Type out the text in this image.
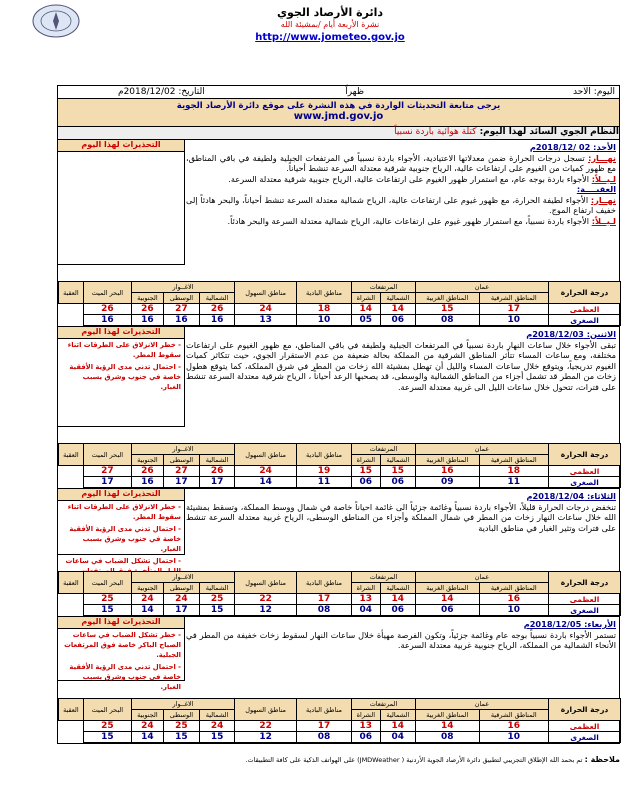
دائرة الأرصاد الجوي
نشرة الأربعة أيام /بمشيئة الله
http://www.jometeo.gov.jo
اليوم: الاحد
ظهراً
التاريخ: 2018/12/02م
يرجى متابعة التحديثات الواردة في هذه النشرة على موقع دائرة الأرصاد الجوية
www.jmd.gov.jo
النظام الجوي السائد لهذا اليوم: كتلة هوائية باردة نسبياً
الأحد: 02 /2018/12م
نهـــار: تسجل درجات الحرارة ضمن معدلاتها الاعتيادية، الأجواء باردة نسبياً في المرتفعات الجبلية ولطيفة في باقي المناطق، مع ظهور كميات من الغيوم على ارتفاعات عالية، الرياح جنوبية شرقية معتدلة السرعة تنشط أحياناً.
لـيــلاً: الأجواء باردة بوجه عام، مع استمرار ظهور الغيوم على ارتفاعات عالية، الرياح جنوبية شرقية معتدلة السرعة.
العقبــــة:
نهــار: الأجواء لطيفة الحرارة، مع ظهور غيوم على ارتفاعات عالية، الرياح شمالية معتدلة السرعة تنشط أحياناً، والبحر هادئاً إلى خفيف ارتفاع الموج.
لـيــلاً: الأجواء باردة نسبياً، مع استمرار ظهور غيوم على ارتفاعات عالية، الرياح شمالية معتدلة السرعة والبحر هادئاً.
التحذيرات لهذا اليوم
درجة الحرارة	عمان		المرتفعات		مناطق البادية	مناطق السهول	الاغــوار			البحر الميت	العقبة
	المناطق الشرقية	المناطق الغربية	الشمالية	الشراة			الشمالية	الوسطى	الجنوبية		
العظمى	17	15	14	14	18	24	26	27	26	26	
الصغرى	10	08	06	05	10	13	16	16	16	16	
الاثنين: 2018/12/03م
تبقى الأجواء خلال ساعات النهار باردة نسبياً في المرتفعات الجبلية ولطيفة في باقي المناطق، مع ظهور الغيوم على ارتفاعات مختلفة، ومع ساعات المساء تتأثر المناطق الشرقية من المملكة بحالة ضعيفة من عدم الاستقرار الجوي، حيث تتكاثر كميات الغيوم تدريجياً، ويتوقع خلال ساعات المساء والليل أن تهطل بمشيئة الله زخات من المطر في شرق المملكة، كما يتوقع هطول زخات من المطر قد تشمل أجزاء من المناطق الشمالية والوسطى، قد يصحبها الرعد أحياناً ، الرياح شرقية معتدلة السرعة تنشط على فترات، تتحول خلال ساعات الليل الى غربية معتدلة السرعة.
التحذيرات لهذا اليوم

- خطر الانزلاق على الطرقات اثناء سقوط المطر.

- احتمال تدني مدى الرؤية الأفقية خاصة في جنوب وشرق بسبب الغبار.

درجة الحرارة	عمان		المرتفعات		مناطق البادية	مناطق السهول	الاغــوار			البحر الميت	العقبة
	المناطق الشرقية	المناطق الغربية	الشمالية	الشراة			الشمالية	الوسطى	الجنوبية		
العظمى	18	16	15	15	19	24	26	27	26	27	
الصغرى	11	09	06	06	11	14	17	17	16	17	
الثلاثاء: 2018/12/04م
تنخفض درجات الحرارة قليلاً، الأجواء باردة نسبياً وغائمة جزئياً الى غائمة احياناً خاصة في شمال ووسط المملكة، وتسقط بمشيئة الله خلال ساعات النهار زخات من المطر في شمال المملكة وأجزاء من المناطق الوسطى، الرياح غربية معتدلة السرعة تنشط على فترات وتثير الغبار في مناطق البادية
التحذيرات لهذا اليوم

- خطر الانزلاق على الطرقات اثناء سقوط المطر.

- احتمال تدني مدى الرؤية الأفقية خاصة في جنوب وشرق بسبب الغبار.

- احتمال تشكل الضباب في ساعات

درجة الحرارة	عمان		المرتفعات		مناطق البادية	مناطق السهول	الاغــوار			البحر الميت	العقبة
	المناطق الشرقية	المناطق الغربية	الشمالية	الشراة			الشمالية	الوسطى	الجنوبية		
العظمى	16	14	14	13	17	22	25	24	24	25	
الصغرى	10	06	06	04	08	12	15	17	14	15	
الأربعاء: 2018/12/05م
تستمر الأجواء باردة نسبياً بوجه عام وغائمة جزئياً، وتكون الفرصة مهيأة خلال ساعات النهار لسقوط زخات خفيفة من المطر في الأنحاء الشمالية من المملكة، الرياح جنوبية غربية معتدلة السرعة.
التحذيرات لهذا اليوم

- خطر تشكل الضباب في ساعات الصباح الباكر خاصة فوق المرتفعات الجبلية.

- احتمال تدني مدى الرؤية الأفقية خاصة في جنوب وشرق بسبب الغبار.

درجة الحرارة	عمان		المرتفعات		مناطق البادية	مناطق السهول	الاغــوار			البحر الميت	العقبة
	المناطق الشرقية	المناطق الغربية	الشمالية	الشراة			الشمالية	الوسطى	الجنوبية		
العظمى	16	14	14	13	17	22	24	25	24	25	
الصغرى	10	08	04	06	08	12	15	15	14	15	
ملاحظة : تم بحمد الله الإطلاق التجريبي لتطبيق دائرة الأرصاد الجوية الأردنية ( JMDWeather) على الهواتف الذكية على كافة التطبيقات.
